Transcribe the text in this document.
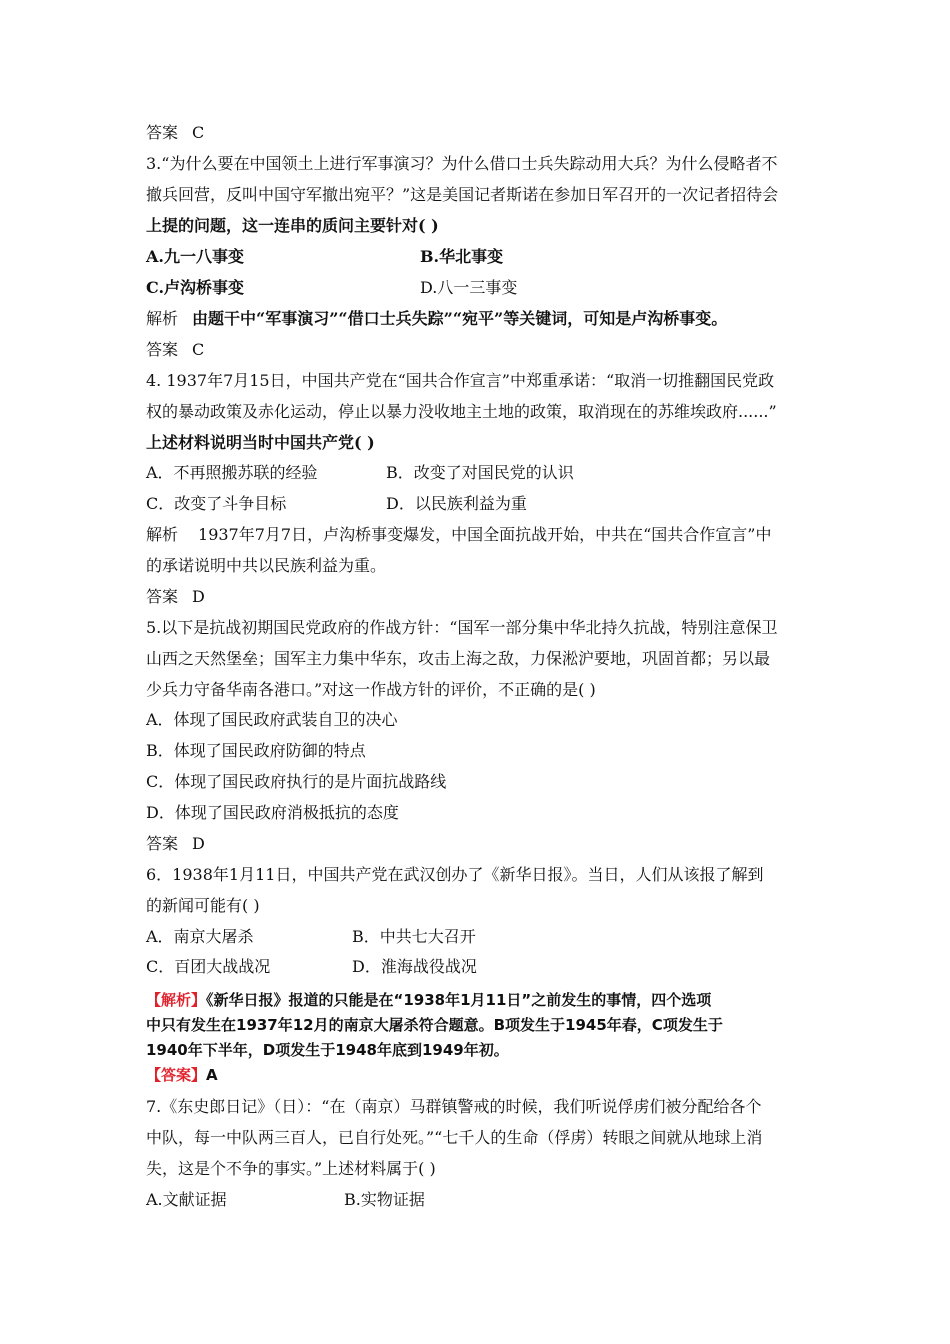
答案 C
3.“为什么要在中国领土上进行军事演习？为什么借口士兵失踪动用大兵？为什么侵略者不
撤兵回营，反叫中国守军撤出宛平？”这是美国记者斯诺在参加日军召开的一次记者招待会
上提的问题，这一连串的质问主要针对( )
A.九一八事变	B.华北事变
C.卢沟桥事变	D.八一三事变
解析 由题干中“军事演习”“借口士兵失踪”“宛平”等关键词，可知是卢沟桥事变。
答案 C
4. 1937年7月15日，中国共产党在“国共合作宣言”中郑重承诺：“取消一切推翻国民党政
权的暴动政策及赤化运动，停止以暴力没收地主土地的政策，取消现在的苏维埃政府......”
上述材料说明当时中国共产党( )
A．不再照搬苏联的经验	B．改变了对国民党的认识
C．改变了斗争目标	D．以民族利益为重
解析 1937年7月7日，卢沟桥事变爆发，中国全面抗战开始，中共在“国共合作宣言”中
的承诺说明中共以民族利益为重。
答案 D
5.以下是抗战初期国民党政府的作战方针：“国军一部分集中华北持久抗战，特别注意保卫
山西之天然堡垒；国军主力集中华东，攻击上海之敌，力保淞沪要地，巩固首都；另以最
少兵力守备华南各港口。”对这一作战方针的评价，不正确的是( )
A．体现了国民政府武装自卫的决心
B．体现了国民政府防御的特点
C．体现了国民政府执行的是片面抗战路线
D．体现了国民政府消极抵抗的态度
答案 D
6．1938年1月11日，中国共产党在武汉创办了《新华日报》。当日，人们从该报了解到
的新闻可能有( )
A．南京大屠杀	B．中共七大召开
C．百团大战战况	D．淮海战役战况
【解析】《新华日报》报道的只能是在“1938年1月11日”之前发生的事情，四个选项
中只有发生在1937年12月的南京大屠杀符合题意。B项发生于1945年春，C项发生于
1940年下半年，D项发生于1948年底到1949年初。
【答案】A
7.《东史郎日记》（日）：“在（南京）马群镇警戒的时候，我们听说俘虏们被分配给各个
中队，每一中队两三百人，已自行处死。”“七千人的生命（俘虏）转眼之间就从地球上消
失，这是个不争的事实。”上述材料属于( )
A.文献证据	B.实物证据
